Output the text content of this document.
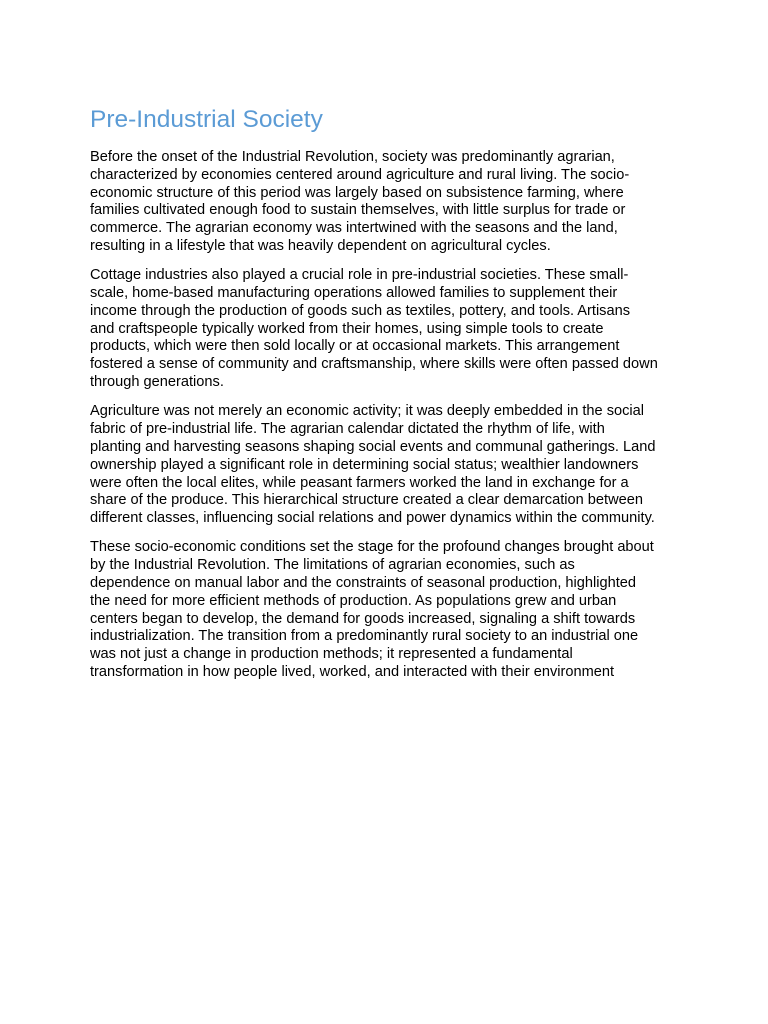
Pre-Industrial Society

Before the onset of the Industrial Revolution, society was predominantly agrarian,
characterized by economies centered around agriculture and rural living. The socio-
economic structure of this period was largely based on subsistence farming, where
families cultivated enough food to sustain themselves, with little surplus for trade or
commerce. The agrarian economy was intertwined with the seasons and the land,
resulting in a lifestyle that was heavily dependent on agricultural cycles.

Cottage industries also played a crucial role in pre-industrial societies. These small-
scale, home-based manufacturing operations allowed families to supplement their
income through the production of goods such as textiles, pottery, and tools. Artisans
and craftspeople typically worked from their homes, using simple tools to create
products, which were then sold locally or at occasional markets. This arrangement
fostered a sense of community and craftsmanship, where skills were often passed down
through generations.

Agriculture was not merely an economic activity; it was deeply embedded in the social
fabric of pre-industrial life. The agrarian calendar dictated the rhythm of life, with
planting and harvesting seasons shaping social events and communal gatherings. Land
ownership played a significant role in determining social status; wealthier landowners
were often the local elites, while peasant farmers worked the land in exchange for a
share of the produce. This hierarchical structure created a clear demarcation between
different classes, influencing social relations and power dynamics within the community.

These socio-economic conditions set the stage for the profound changes brought about
by the Industrial Revolution. The limitations of agrarian economies, such as
dependence on manual labor and the constraints of seasonal production, highlighted
the need for more efficient methods of production. As populations grew and urban
centers began to develop, the demand for goods increased, signaling a shift towards
industrialization. The transition from a predominantly rural society to an industrial one
was not just a change in production methods; it represented a fundamental
transformation in how people lived, worked, and interacted with their environment
